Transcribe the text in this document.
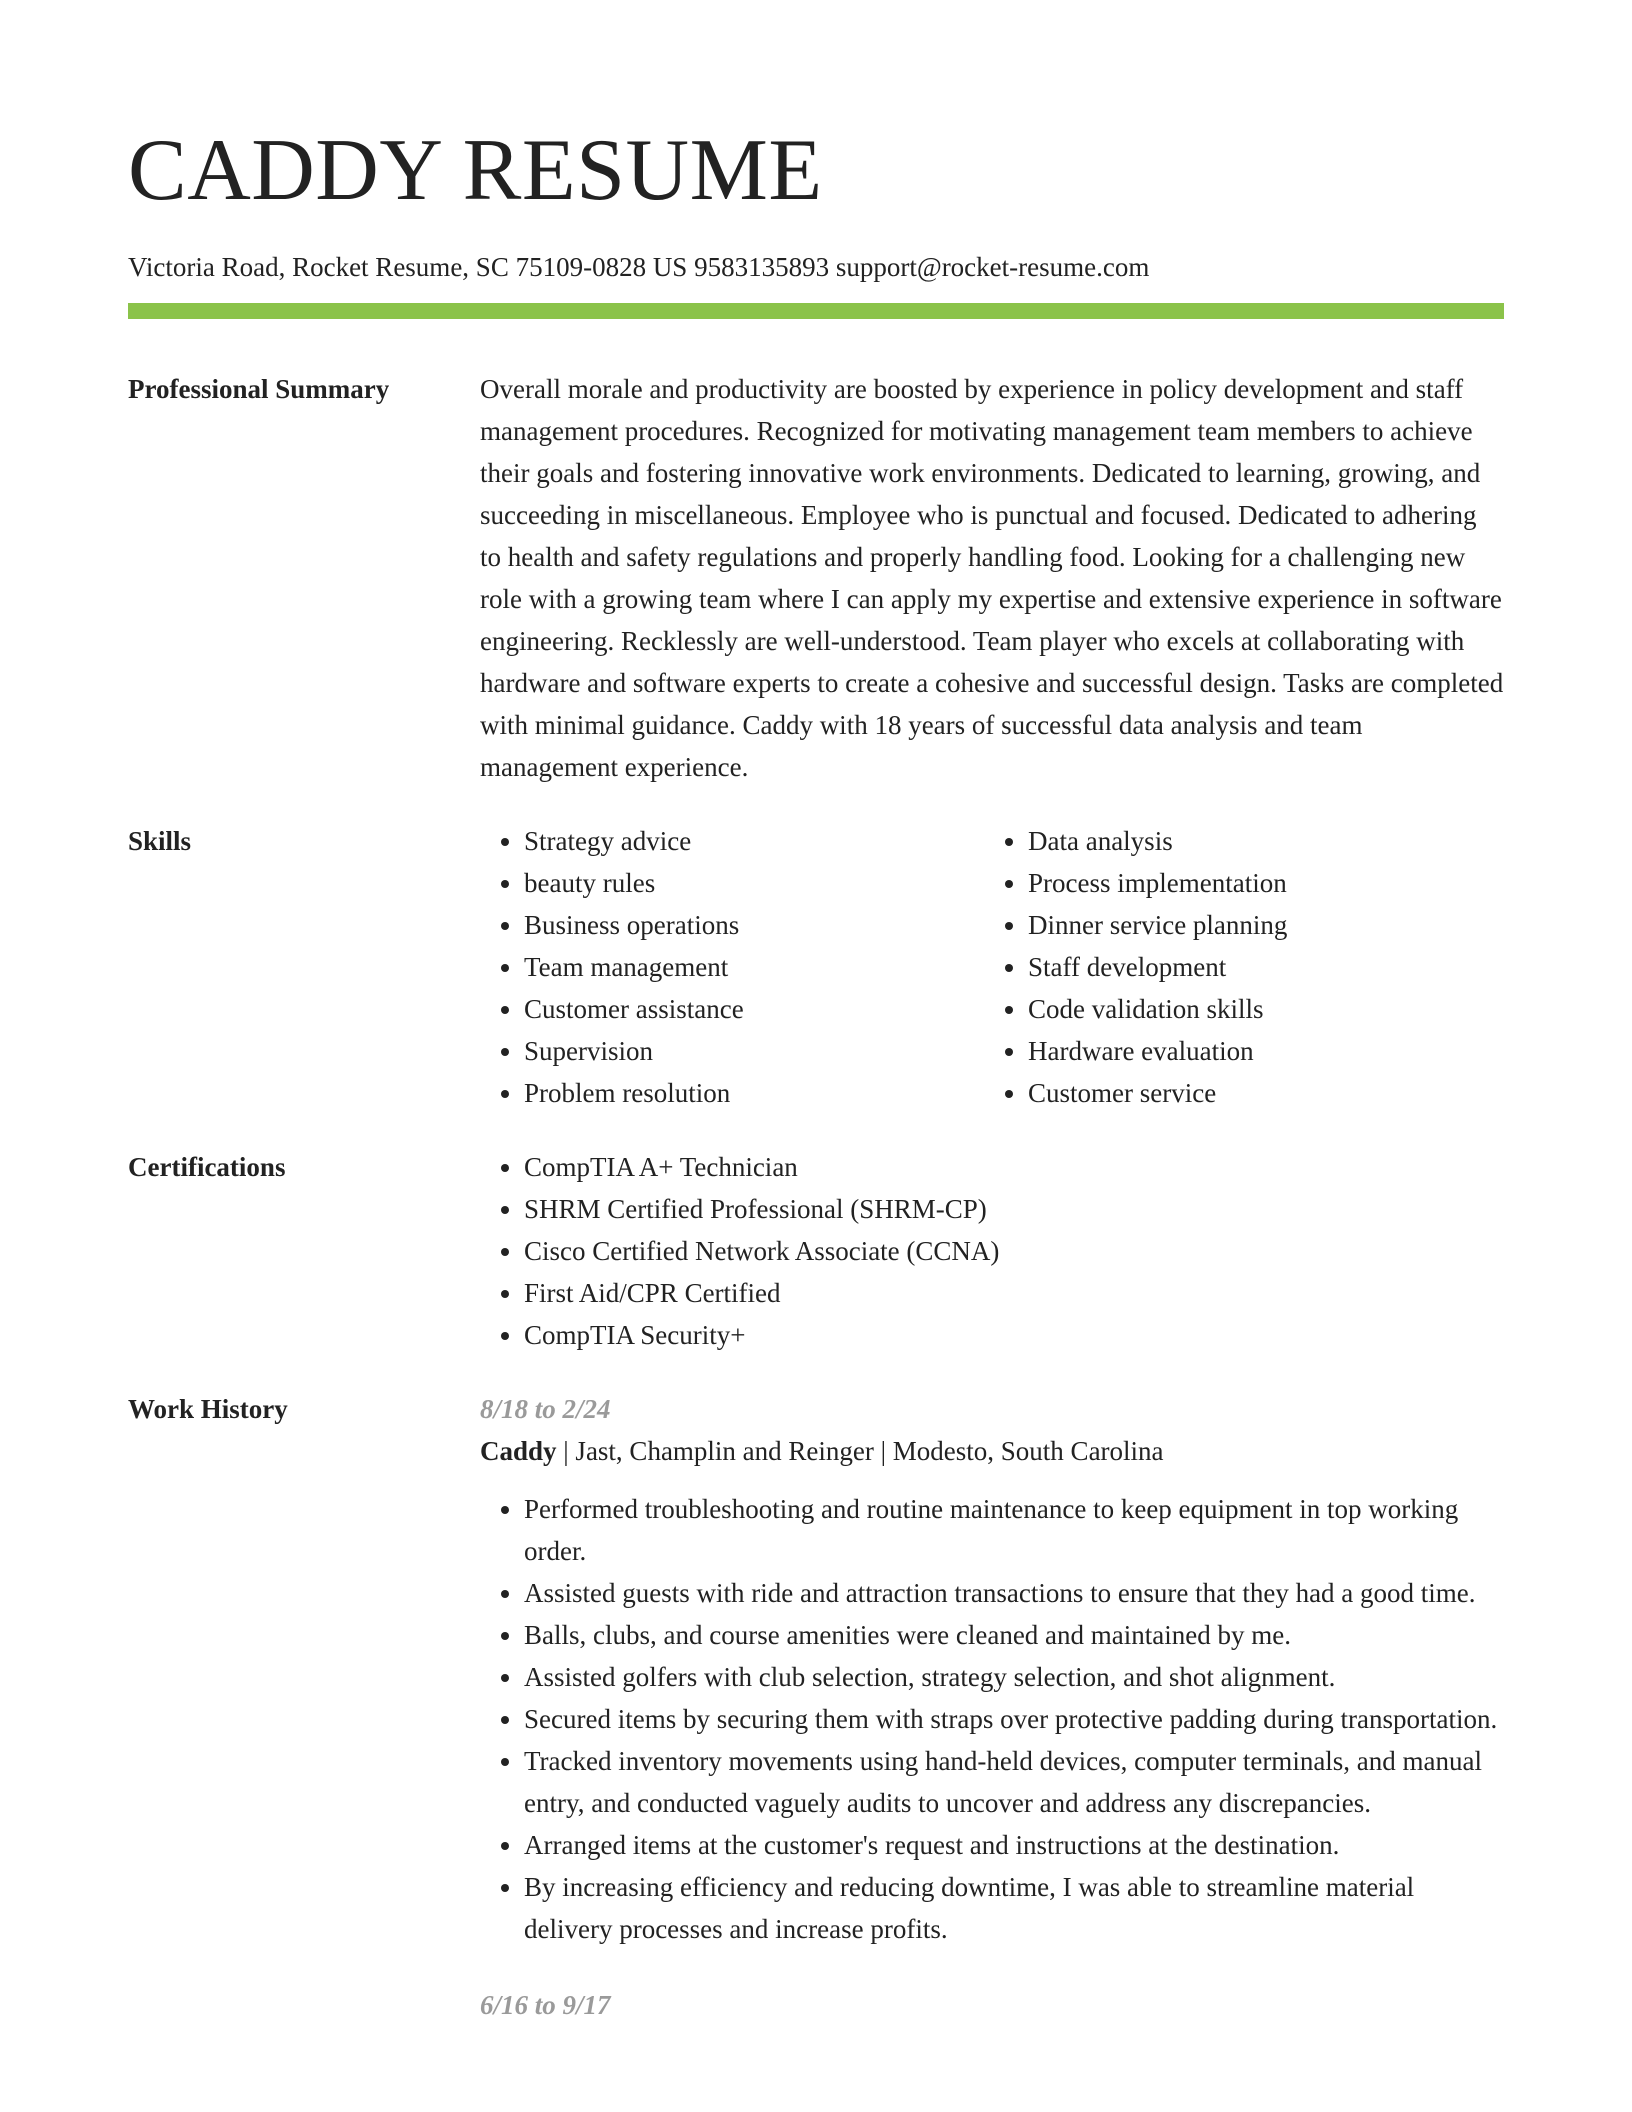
CADDY RESUME
Victoria Road, Rocket Resume, SC 75109-0828 US 9583135893 support@rocket-resume.com
Professional Summary	Overall morale and productivity are boosted by experience in policy development and staff management procedures. Recognized for motivating management team members to achieve their goals and fostering innovative work environments. Dedicated to learning, growing, and succeeding in miscellaneous. Employee who is punctual and focused. Dedicated to adhering to health and safety regulations and properly handling food. Looking for a challenging new role with a growing team where I can apply my expertise and extensive experience in software engineering. Recklessly are well-understood. Team player who excels at collaborating with hardware and software experts to create a cohesive and successful design. Tasks are completed with minimal guidance. Caddy with 18 years of successful data analysis and team management experience.

Skills	• Strategy advice
• beauty rules
• Business operations
• Team management
• Customer assistance
• Supervision
• Problem resolution
• Data analysis
• Process implementation
• Dinner service planning
• Staff development
• Code validation skills
• Hardware evaluation
• Customer service
Certifications	• CompTIA A+ Technician
• SHRM Certified Professional (SHRM-CP)
• Cisco Certified Network Associate (CCNA)
• First Aid/CPR Certified
• CompTIA Security+
Work History	8/18 to 2/24
Caddy | Jast, Champlin and Reinger | Modesto, South Carolina
• Performed troubleshooting and routine maintenance to keep equipment in top working order.
• Assisted guests with ride and attraction transactions to ensure that they had a good time.
• Balls, clubs, and course amenities were cleaned and maintained by me.
• Assisted golfers with club selection, strategy selection, and shot alignment.
• Secured items by securing them with straps over protective padding during transportation.
• Tracked inventory movements using hand-held devices, computer terminals, and manual entry, and conducted vaguely audits to uncover and address any discrepancies.
• Arranged items at the customer's request and instructions at the destination.
• By increasing efficiency and reducing downtime, I was able to streamline material delivery processes and increase profits.
6/16 to 9/17
